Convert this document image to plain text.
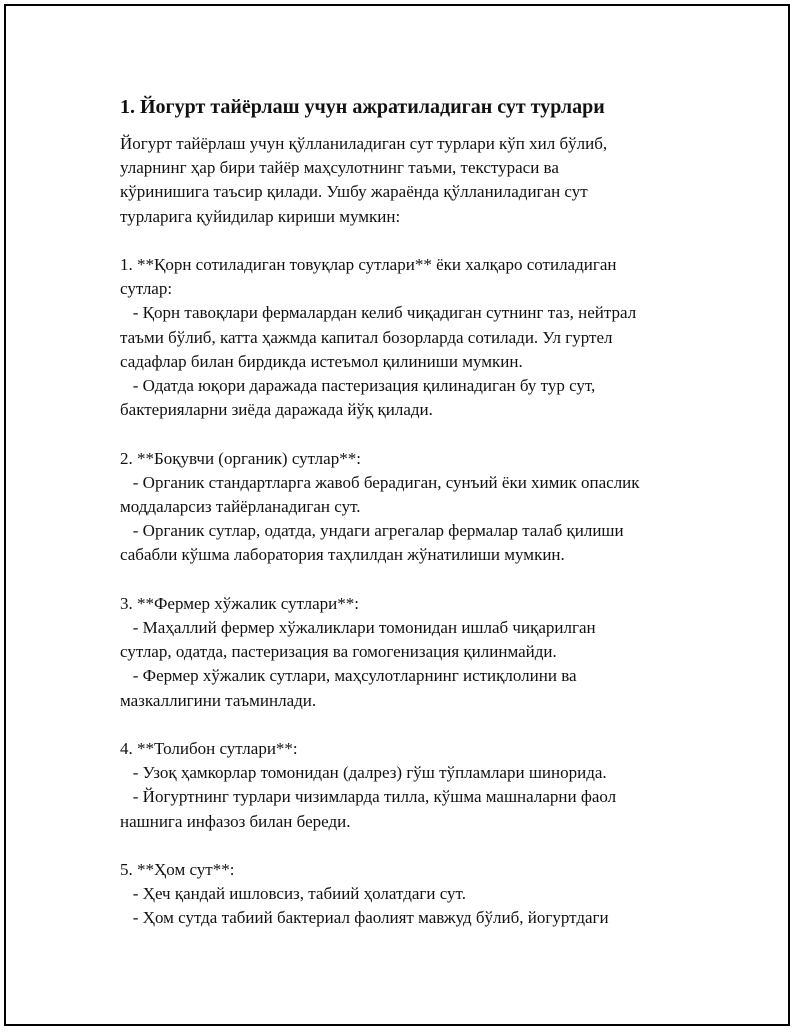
1. Йогурт тайёрлаш учун ажратиладиган сут турлари
Йогурт тайёрлаш учун қўлланиладиган сут турлари кўп хил бўлиб,
уларнинг ҳар бири тайёр маҳсулотнинг таъми, текстураси ва
кўринишига таъсир қилади. Ушбу жараёнда қўлланиладиган сут
турларига қуйидилар кириши мумкин:
1. **Қорн сотиладиган товуқлар сутлари** ёки халқаро сотиладиган
сутлар:
- Қорн тавоқлари фермалардан келиб чиқадиган сутнинг таз, нейтрал
таъми бўлиб, катта ҳажмда капитал бозорларда сотилади. Ул гуртел
садафлар билан бирдикда истеъмол қилиниши мумкин.
- Одатда юқори даражада пастеризация қилинадиган бу тур сут,
бактерияларни зиёда даражада йўқ қилади.
2. **Боқувчи (органик) сутлар**:
- Органик стандартларга жавоб берадиган, сунъий ёки химик опаслик
моддаларсиз тайёрланадиган сут.
- Органик сутлар, одатда, ундаги агрегалар фермалар талаб қилиши
сабабли кўшма лаборатория таҳлилдан жўнатилиши мумкин.
3. **Фермер хўжалик сутлари**:
- Маҳаллий фермер хўжаликлари томонидан ишлаб чиқарилган
сутлар, одатда, пастеризация ва гомогенизация қилинмайди.
- Фермер хўжалик сутлари, маҳсулотларнинг истиқлолини ва
мазкаллигини таъминлади.
4. **Толибон сутлари**:
- Узоқ ҳамкорлар томонидан (далрез) гўш тўпламлари шинорида.
- Йогуртнинг турлари чизимларда тилла, кўшма машналарни фаол
нашнига инфазоз билан береди.
5. **Ҳом сут**:
- Ҳеч қандай ишловсиз, табиий ҳолатдаги сут.
- Ҳом сутда табиий бактериал фаолият мавжуд бўлиб, йогуртдаги
